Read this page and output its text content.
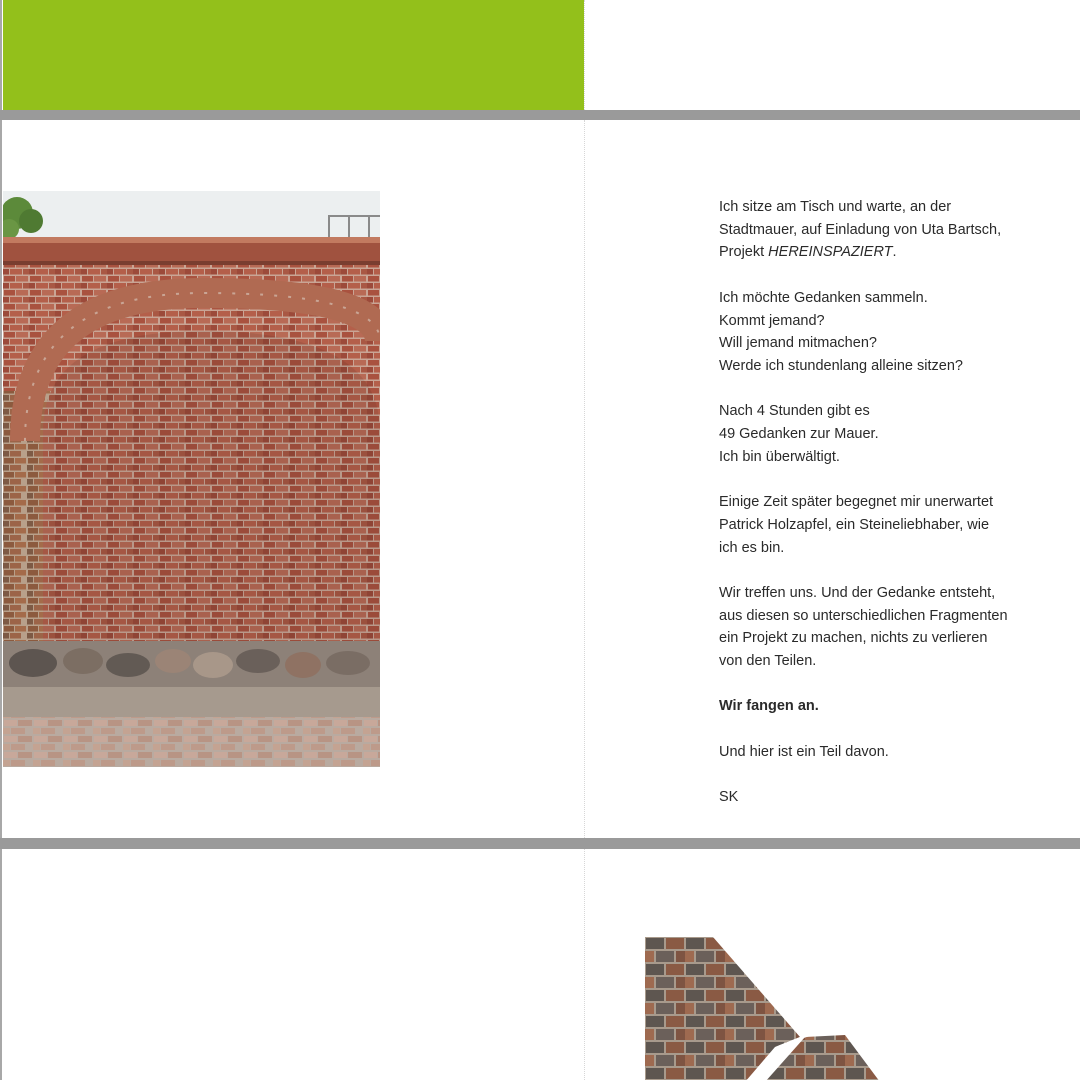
Ich sitze am Tisch und warte, an der
Stadtmauer, auf Einladung von Uta Bartsch,
Projekt HEREINSPAZIERT.

Ich möchte Gedanken sammeln.
Kommt jemand?
Will jemand mitmachen?
Werde ich stundenlang alleine sitzen?

Nach 4 Stunden gibt es
49 Gedanken zur Mauer.
Ich bin überwältigt.

Einige Zeit später begegnet mir unerwartet
Patrick Holzapfel, ein Steineliebhaber, wie
ich es bin.

Wir treffen uns. Und der Gedanke entsteht,
aus diesen so unterschiedlichen Fragmenten
ein Projekt zu machen, nichts zu verlieren
von den Teilen.

Wir fangen an.

Und hier ist ein Teil davon.

SK
